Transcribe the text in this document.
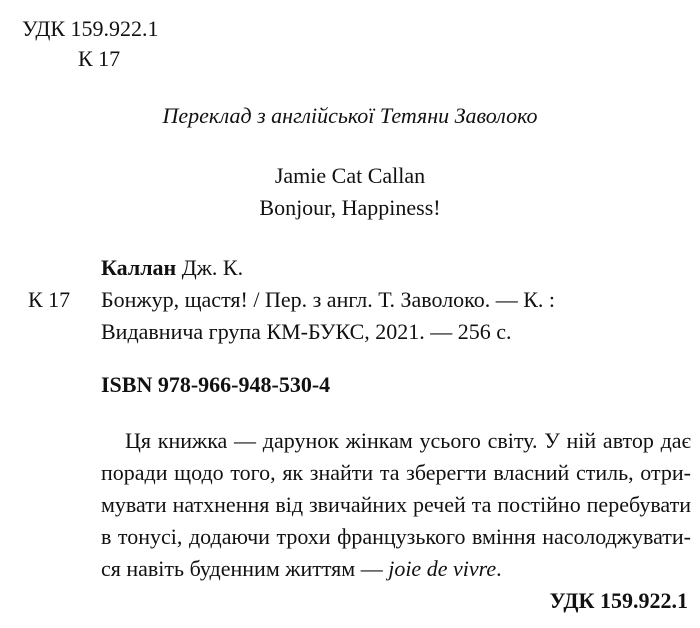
УДК 159.922.1
К 17
Переклад з англійської Тетяни Заволоко
Jamie Cat Callan
Bonjour, Happiness!
Каллан Дж. К.
К 17 Бонжур, щастя! / Пер. з англ. Т. Заволоко. — К. :
Видавнича група КМ-БУКС, 2021. — 256 с.
ISBN 978-966-948-530-4
Ця книжка — дарунок жінкам усього світу. У ній автор дає
поради щодо того, як знайти та зберегти власний стиль, отри-
мувати натхнення від звичайних речей та постійно перебувати
в тонусі, додаючи трохи французького вміння насолоджувати-
ся навіть буденним життям — joie de vivre.
УДК 159.922.1
